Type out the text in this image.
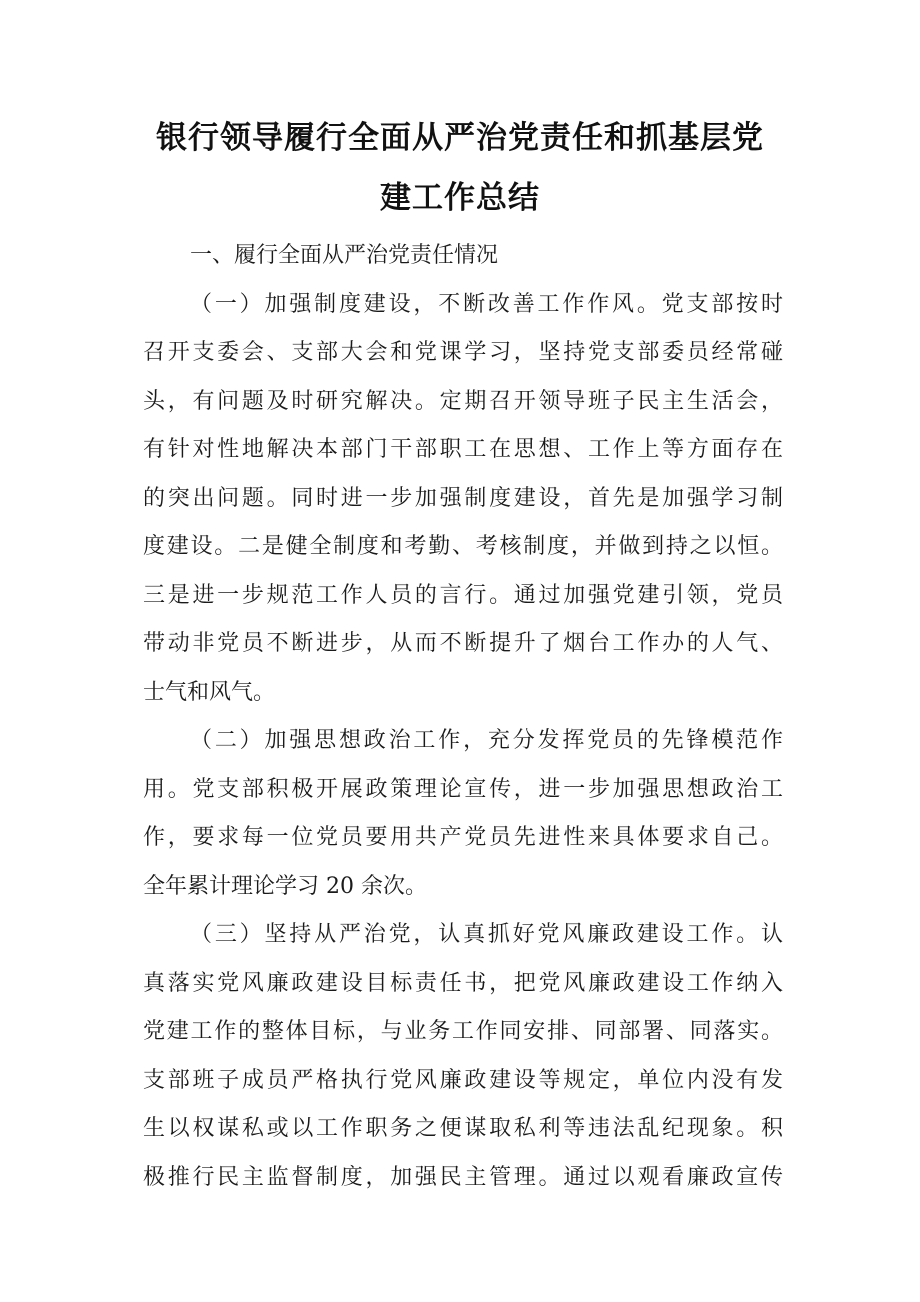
银行领导履行全面从严治党责任和抓基层党
建工作总结
一、履行全面从严治党责任情况
（一）加强制度建设，不断改善工作作风。党支部按时
召开支委会、支部大会和党课学习，坚持党支部委员经常碰
头，有问题及时研究解决。定期召开领导班子民主生活会，
有针对性地解决本部门干部职工在思想、工作上等方面存在
的突出问题。同时进一步加强制度建设，首先是加强学习制
度建设。二是健全制度和考勤、考核制度，并做到持之以恒。
三是进一步规范工作人员的言行。通过加强党建引领，党员
带动非党员不断进步，从而不断提升了烟台工作办的人气、
士气和风气。
（二）加强思想政治工作，充分发挥党员的先锋模范作
用。党支部积极开展政策理论宣传，进一步加强思想政治工
作，要求每一位党员要用共产党员先进性来具体要求自己。
全年累计理论学习 20 余次。
（三）坚持从严治党，认真抓好党风廉政建设工作。认
真落实党风廉政建设目标责任书，把党风廉政建设工作纳入
党建工作的整体目标，与业务工作同安排、同部署、同落实。
支部班子成员严格执行党风廉政建设等规定，单位内没有发
生以权谋私或以工作职务之便谋取私利等违法乱纪现象。积
极推行民主监督制度，加强民主管理。通过以观看廉政宣传
